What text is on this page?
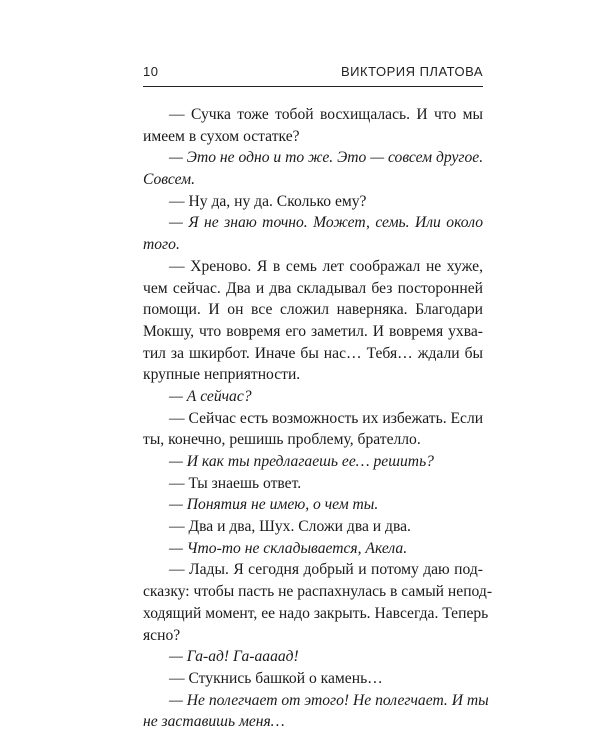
10	ВИКТОРИЯ ПЛАТОВА
— Сучка тоже тобой восхищалась. И что мы
имеем в сухом остатке?
— Это не одно и то же. Это — совсем другое.
Совсем.
— Ну да, ну да. Сколько ему?
— Я не знаю точно. Может, семь. Или около
того.
— Хреново. Я в семь лет соображал не хуже,
чем сейчас. Два и два складывал без посторонней
помощи. И он все сложил наверняка. Благодари
Мокшу, что вовремя его заметил. И вовремя ухва-
тил за шкирбот. Иначе бы нас… Тебя… ждали бы
крупные неприятности.
— А сейчас?
— Сейчас есть возможность их избежать. Если
ты, конечно, решишь проблему, брателло.
— И как ты предлагаешь ее… решить?
— Ты знаешь ответ.
— Понятия не имею, о чем ты.
— Два и два, Шух. Сложи два и два.
— Что-то не складывается, Акела.
— Лады. Я сегодня добрый и потому даю под-
сказку: чтобы пасть не распахнулась в самый непод-
ходящий момент, ее надо закрыть. Навсегда. Теперь
ясно?
— Га-ад! Га-аааад!
— Стукнись башкой о камень…
— Не полегчает от этого! Не полегчает. И ты
не заставишь меня…
